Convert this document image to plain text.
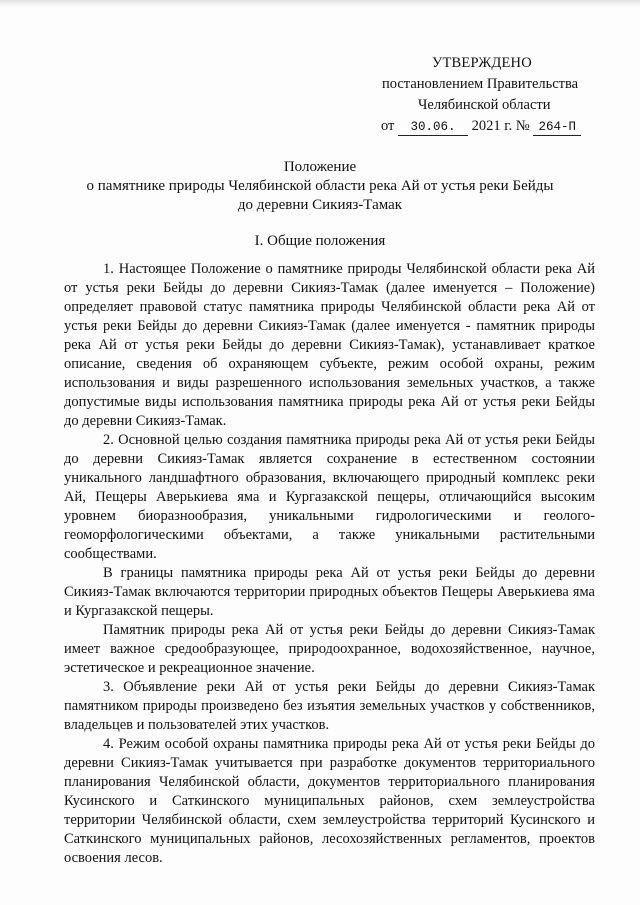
УТВЕРЖДЕНО
постановлением Правительства
Челябинской области
от 30.06. 2021 г. № 264-П
Положение
о памятнике природы Челябинской области река Ай от устья реки Бейды
до деревни Сикияз-Тамак
I. Общие положения

1. Настоящее Положение о памятнике природы Челябинской области река Ай от устья реки Бейды до деревни Сикияз-Тамак (далее именуется – Положение) определяет правовой статус памятника природы Челябинской области река Ай от устья реки Бейды до деревни Сикияз-Тамак (далее именуется - памятник природы река Ай от устья реки Бейды до деревни Сикияз-Тамак), устанавливает краткое описание, сведения об охраняющем субъекте, режим особой охраны, режим использования и виды разрешенного использования земельных участков, а также допустимые виды использования памятника природы река Ай от устья реки Бейды до деревни Сикияз-Тамак.

2. Основной целью создания памятника природы река Ай от устья реки Бейды до деревни Сикияз-Тамак является сохранение в естественном состоянии уникального ландшафтного образования, включающего природный комплекс реки Ай, Пещеры Аверькиева яма и Кургазакской пещеры, отличающийся высоким уровнем биоразнообразия, уникальными гидрологическими и геолого-геоморфологическими объектами, а также уникальными растительными сообществами.

В границы памятника природы река Ай от устья реки Бейды до деревни Сикияз-Тамак включаются территории природных объектов Пещеры Аверькиева яма и Кургазакской пещеры.

Памятник природы река Ай от устья реки Бейды до деревни Сикияз-Тамак имеет важное средообразующее, природоохранное, водохозяйственное, научное, эстетическое и рекреационное значение.

3. Объявление реки Ай от устья реки Бейды до деревни Сикияз-Тамак памятником природы произведено без изъятия земельных участков у собственников, владельцев и пользователей этих участков.

4. Режим особой охраны памятника природы река Ай от устья реки Бейды до деревни Сикияз-Тамак учитывается при разработке документов территориального планирования Челябинской области, документов территориального планирования Кусинского и Саткинского муниципальных районов, схем землеустройства территории Челябинской области, схем землеустройства территорий Кусинского и Саткинского муниципальных районов, лесохозяйственных регламентов, проектов освоения лесов.
